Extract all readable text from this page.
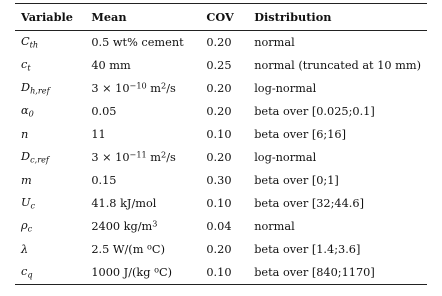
Variable	Mean	COV	Distribution
$C_{th}$	0.5 wt% cement	0.20	normal
$c_t$	40 mm	0.25	normal (truncated at 10 mm)
$D_{h,ref}$	$3 \times 10^{-10}$ $m^2/s$	0.20	log-normal
$\alpha_0$	0.05	0.20	beta over [0.025;0.1]
n	11	0.10	beta over [6;16]
$D_{c,ref}$	$3 \times 10^{-11}$ $m^2/s$	0.20	log-normal
m	0.15	0.30	beta over [0;1]
$U_c$	41.8 kJ/mol	0.10	beta over [32;44.6]
$\rho_c$	2400 $kg/m^3$	0.04	normal
λ	2.5 W/(m $^o$C)	0.20	beta over [1.4;3.6]
$c_q$	1000 J/(kg $^o$C)	0.10	beta over [840;1170]
